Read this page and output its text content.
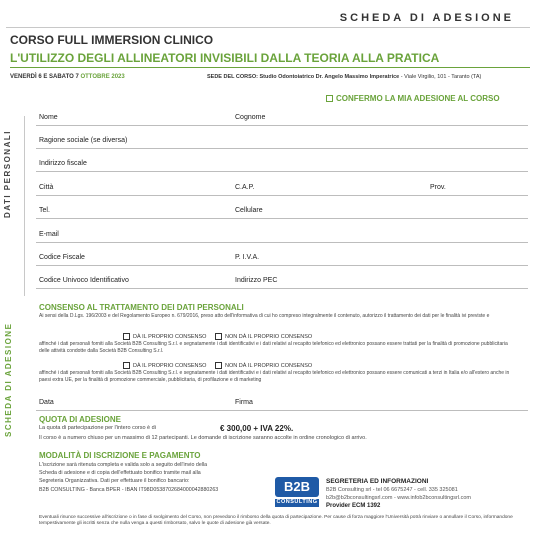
SCHEDA DI ADESIONE
CORSO FULL IMMERSION CLINICO
L'UTILIZZO DEGLI ALLINEATORI INVISIBILI DALLA TEORIA ALLA PRATICA
VENERDÌ 6 E SABATO 7 OTTOBRE 2023	SEDE DEL CORSO: Studio Odontoiatrico Dr. Angelo Massimo Imperatrice - Viale Virgilio, 101 - Taranto (TA)
CONFERMO LA MIA ADESIONE AL CORSO
DATI PERSONALI
SCHEDA DI ADESIONE
Nome	Cognome
Ragione sociale (se diversa)
Indirizzo fiscale
Città	C.A.P.	Prov.
Tel.	Cellulare
E-mail
Codice Fiscale	P. I.V.A.
Codice Univoco Identificativo	Indirizzo PEC
CONSENSO AL TRATTAMENTO DEI DATI PERSONALI
Ai sensi della D.Lgs. 196/2003 e del Regolamento Europeo n. 679/2016, preso atto dell'informativa di cui ho compreso integralmente il contenuto, autorizzo il trattamento dei dati per le finalità ivi previste e
DÀ IL PROPRIO CONSENSO	NON DÀ IL PROPRIO CONSENSO
affinché i dati personali forniti alla Società B2B Consulting S.r.l. e segnatamente i dati identificativi e i dati relativi al recapito telefonico ed elettronico possano essere trattati per la finalità di promozione pubblicitaria delle attività condotte dalla Società B2B Consulting S.r.l.
DÀ IL PROPRIO CONSENSO	NON DÀ IL PROPRIO CONSENSO
affinché i dati personali forniti alla Società B2B Consulting S.r.l. e segnatamente i dati identificativi e i dati relativi al recapito telefonico ed elettronico possano essere comunicati a terzi in Italia e/o all'estero anche in paesi extra UE, per la finalità di promozione commerciale, pubblicitaria, di profilazione e di marketing
Data	Firma
QUOTA DI ADESIONE
La quota di partecipazione per l'intero corso è di	€ 300,00 + IVA 22%.
Il corso è a numero chiuso per un massimo di 12 partecipanti. Le domande di iscrizione saranno accolte in ordine cronologico di arrivo.
MODALITÀ DI ISCRIZIONE E PAGAMENTO
L'iscrizione sarà ritenuta completa e valida solo a seguito dell'invio della
Scheda di adesione e di copia dell'effettuato bonifico tramite mail alla
Segreteria Organizzativa. Dati per effettuare il bonifico bancario:
B2B CONSULTING - Banca BPER - IBAN IT98D0538702684000042880263	B2B
CONSULTING
SEGRETERIA ED INFORMAZIONI
B2B Consulting srl - tel 06 6675247 - cell. 335 325081
b2b@b2bconsultingsrl.com - www.infob2bconsultingsrl.com
Provider ECM 1392
Eventuali rinunce successive all'iscrizione o in fase di svolgimento del Corso, non prevedono il rimborso della quota di partecipazione. Per cause di forza maggiore l'Università potrà rinviare o annullare il Corso, informandone tempestivamente gli iscritti senza che nulla venga a questi rimborsato, salvo le quote di adesione già versate.
